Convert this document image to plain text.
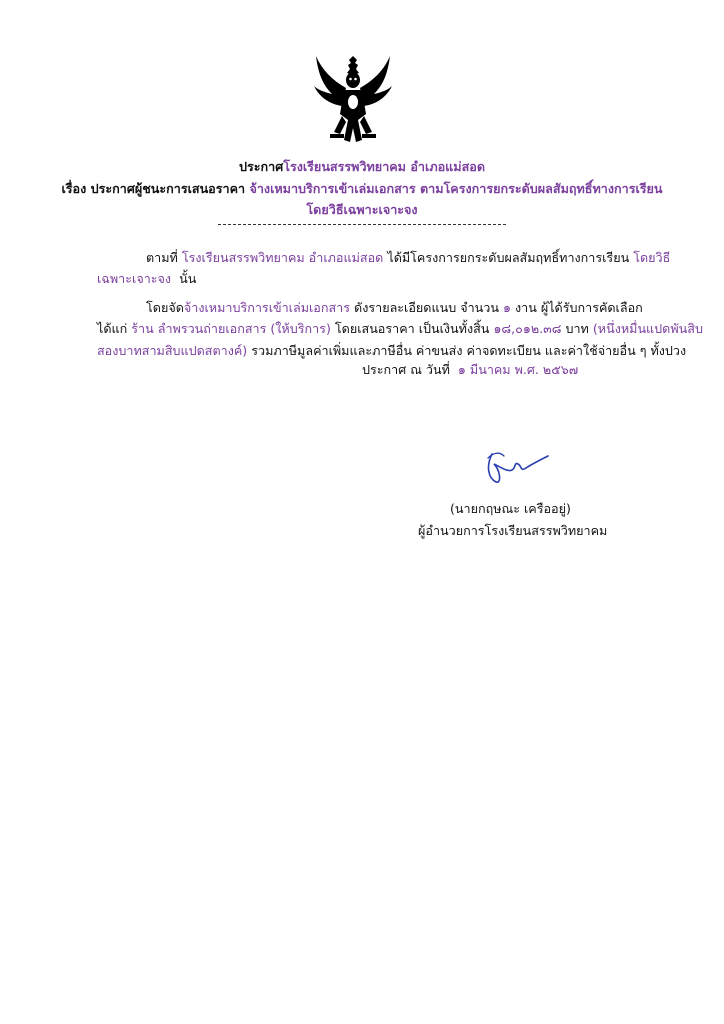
ประกาศโรงเรียนสรรพวิทยาคม อำเภอแม่สอด
เรื่อง ประกาศผู้ชนะการเสนอราคา จ้างเหมาบริการเข้าเล่มเอกสาร ตามโครงการยกระดับผลสัมฤทธิ์ทางการเรียน
โดยวิธีเฉพาะเจาะจง
ตามที่ โรงเรียนสรรพวิทยาคม อำเภอแม่สอด ได้มีโครงการยกระดับผลสัมฤทธิ์ทางการเรียน โดยวิธี
เฉพาะเจาะจง นั้น
โดยจัดจ้างเหมาบริการเข้าเล่มเอกสาร ดังรายละเอียดแนบ จำนวน ๑ งาน ผู้ได้รับการคัดเลือก
ได้แก่ ร้าน ลำพรวนถ่ายเอกสาร (ให้บริการ) โดยเสนอราคา เป็นเงินทั้งสิ้น ๑๘,๐๑๒.๓๘ บาท (หนึ่งหมื่นแปดพันสิบ
สองบาทสามสิบแปดสตางค์) รวมภาษีมูลค่าเพิ่มและภาษีอื่น ค่าขนส่ง ค่าจดทะเบียน และค่าใช้จ่ายอื่น ๆ ทั้งปวง
ประกาศ ณ วันที่ ๑ มีนาคม พ.ศ. ๒๕๖๗
(นายกฤษณะ เครืออยู่)
ผู้อำนวยการโรงเรียนสรรพวิทยาคม
